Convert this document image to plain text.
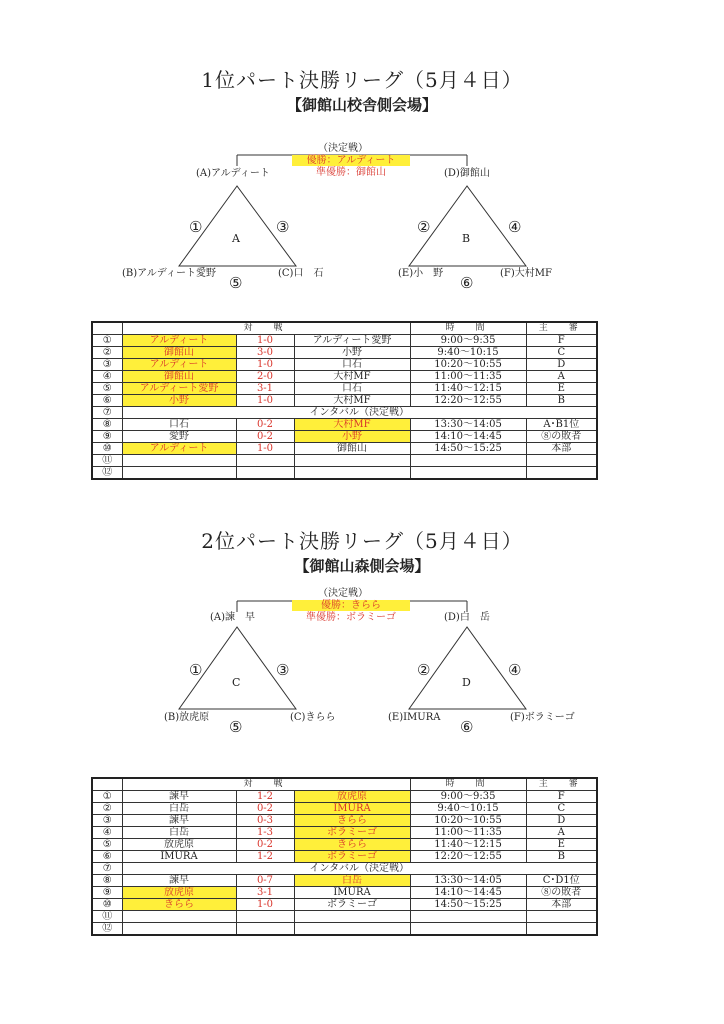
1位パート決勝リーグ（5月４日）
【御館山校舎側会場】
（決定戦）
優勝：アルディート
準優勝：御館山
(A)アルディート	(D)御館山
①	③
A
②	④
B
(B)アルディート愛野	(C)口　石
⑤
(E)小　野	(F)大村MF
⑥
	対　戦			時　間	主　審
①	アルディート	1-0	アルディート愛野	9:00〜9:35	F
②	御館山	3-0	小野	9:40〜10:15	C
③	アルディート	1-0	口石	10:20〜10:55	D
④	御館山	2-0	大村MF	11:00〜11:35	A
⑤	アルディート愛野	3-1	口石	11:40〜12:15	E
⑥	小野	1-0	大村MF	12:20〜12:55	B
⑦	インタバル（決定戦）				
⑧	口石	0-2	大村MF	13:30〜14:05	A･B1位
⑨	愛野	0-2	小野	14:10〜14:45	⑧の敗者
⑩	アルディート	1-0	御館山	14:50〜15:25	本部
⑪					
⑫					
2位パート決勝リーグ（5月４日）
【御館山森側会場】
（決定戦）
優勝：きらら
準優勝：ボラミーゴ
(A)諫　早	(D)白　岳
①	③
C
②	④
D
(B)放虎原	(C)きらら
⑤
(E)IMURA	(F)ボラミーゴ
⑥
	対　戦			時　間	主　審
①	諫早	1-2	放虎原	9:00〜9:35	F
②	白岳	0-2	IMURA	9:40〜10:15	C
③	諫早	0-3	きらら	10:20〜10:55	D
④	白岳	1-3	ボラミーゴ	11:00〜11:35	A
⑤	放虎原	0-2	きらら	11:40〜12:15	E
⑥	IMURA	1-2	ボラミーゴ	12:20〜12:55	B
⑦	インタバル（決定戦）				
⑧	諫早	0-7	白岳	13:30〜14:05	C･D1位
⑨	放虎原	3-1	IMURA	14:10〜14:45	⑧の敗者
⑩	きらら	1-0	ボラミーゴ	14:50〜15:25	本部
⑪					
⑫					
